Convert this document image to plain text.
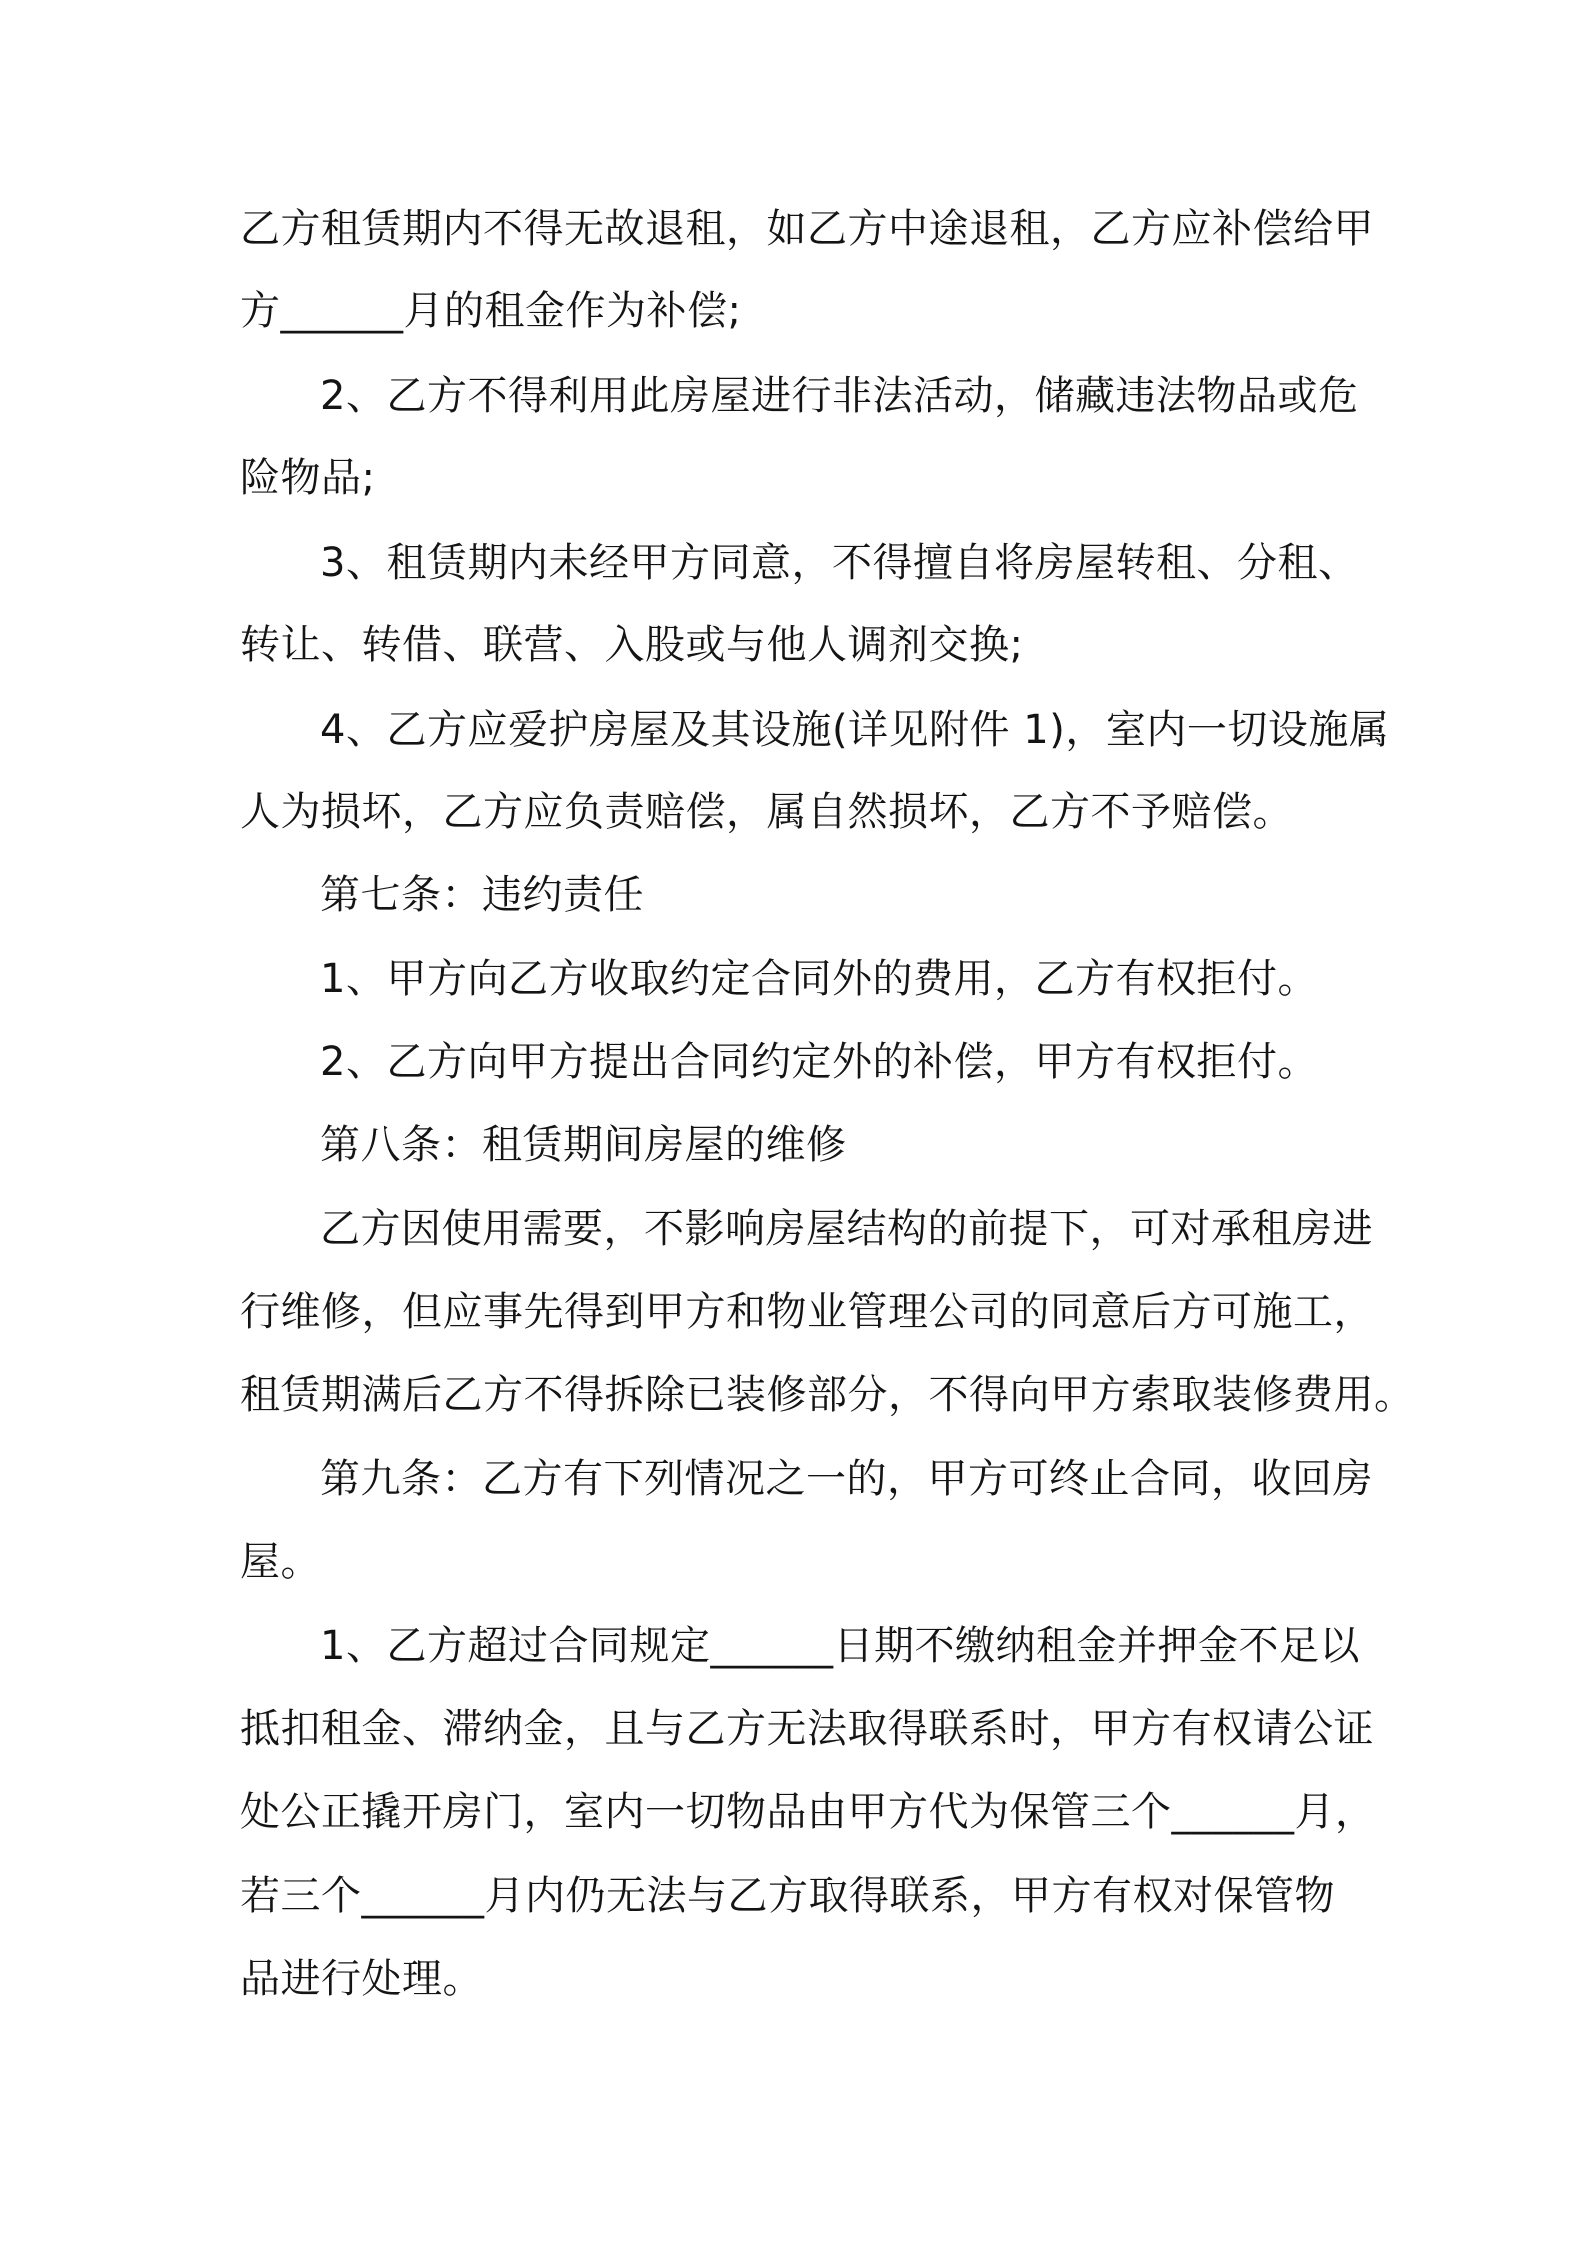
乙方租赁期内不得无故退租，如乙方中途退租，乙方应补偿给甲
方______月的租金作为补偿;
2、乙方不得利用此房屋进行非法活动，储藏违法物品或危
险物品;
3、租赁期内未经甲方同意，不得擅自将房屋转租、分租、
转让、转借、联营、入股或与他人调剂交换;
4、乙方应爱护房屋及其设施(详见附件 1)，室内一切设施属
人为损坏，乙方应负责赔偿，属自然损坏，乙方不予赔偿。
第七条：违约责任
1、甲方向乙方收取约定合同外的费用，乙方有权拒付。
2、乙方向甲方提出合同约定外的补偿，甲方有权拒付。
第八条：租赁期间房屋的维修
乙方因使用需要，不影响房屋结构的前提下，可对承租房进
行维修，但应事先得到甲方和物业管理公司的同意后方可施工，
租赁期满后乙方不得拆除已装修部分，不得向甲方索取装修费用。
第九条：乙方有下列情况之一的，甲方可终止合同，收回房
屋。
1、乙方超过合同规定______日期不缴纳租金并押金不足以
抵扣租金、滞纳金，且与乙方无法取得联系时，甲方有权请公证
处公正撬开房门，室内一切物品由甲方代为保管三个______月，
若三个______月内仍无法与乙方取得联系，甲方有权对保管物
品进行处理。
